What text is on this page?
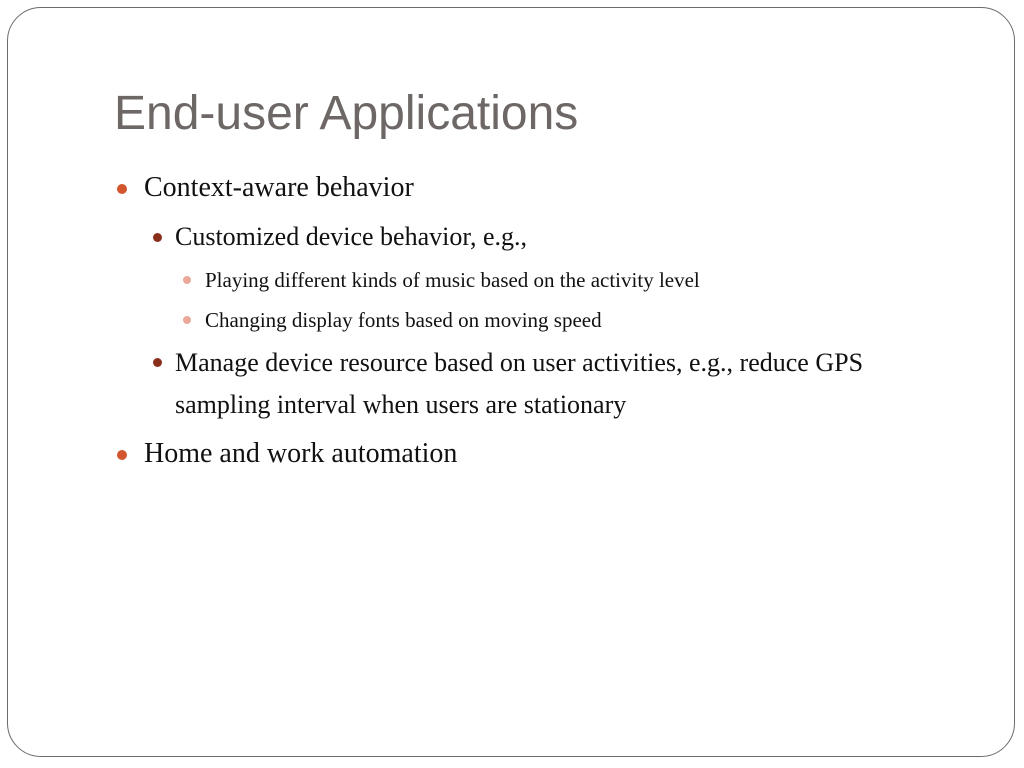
End-user Applications
Context-aware behavior
Customized device behavior, e.g.,
Playing different kinds of music based on the activity level
Changing display fonts based on moving speed
Manage device resource based on user activities, e.g., reduce GPS sampling interval when users are stationary
Home and work automation
